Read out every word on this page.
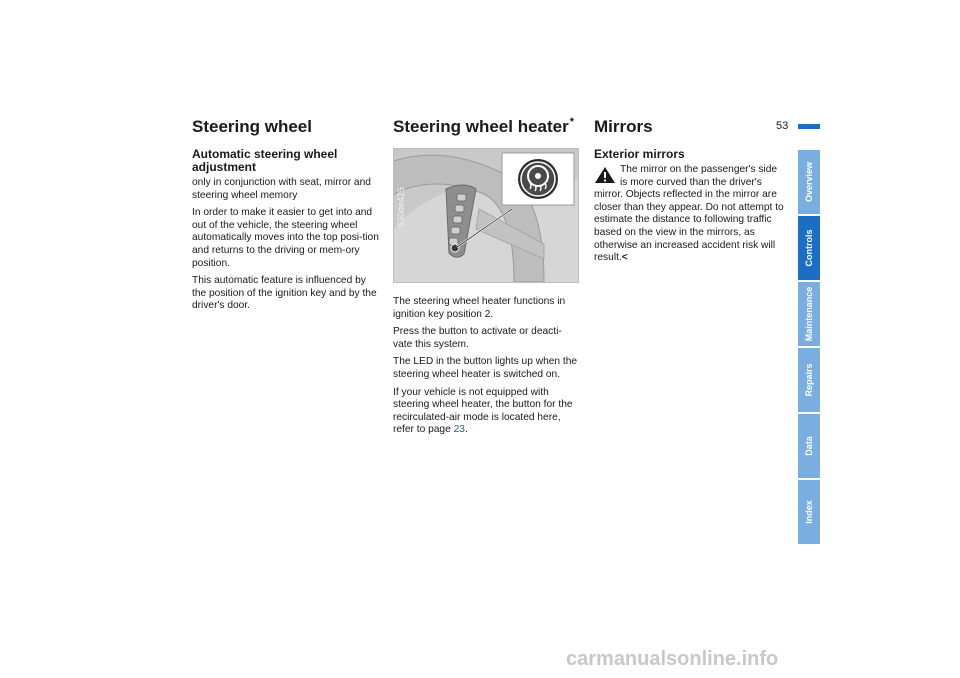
53
Steering wheel
Automatic steering wheel adjustment

only in conjunction with seat, mirror and steering wheel memory

In order to make it easier to get into and out of the vehicle, the steering wheel automatically moves into the top posi-tion and returns to the driving or mem-ory position.

This automatic feature is influenced by the position of the ignition key and by the driver's door.

Steering wheel heater*
530de425

The steering wheel heater functions in ignition key position 2.

Press the button to activate or deacti-vate this system.

The LED in the button lights up when the steering wheel heater is switched on.

If your vehicle is not equipped with steering wheel heater, the button for the recirculated-air mode is located here, refer to page 23.

Mirrors
Exterior mirrors

The mirror on the passenger's side is more curved than the driver's mirror. Objects reflected in the mirror are closer than they appear. Do not attempt to estimate the distance to following traffic based on the view in the mirrors, as otherwise an increased accident risk will result.<

Overview
Controls
Maintenance
Repairs
Data
Index
carmanualsonline.info
